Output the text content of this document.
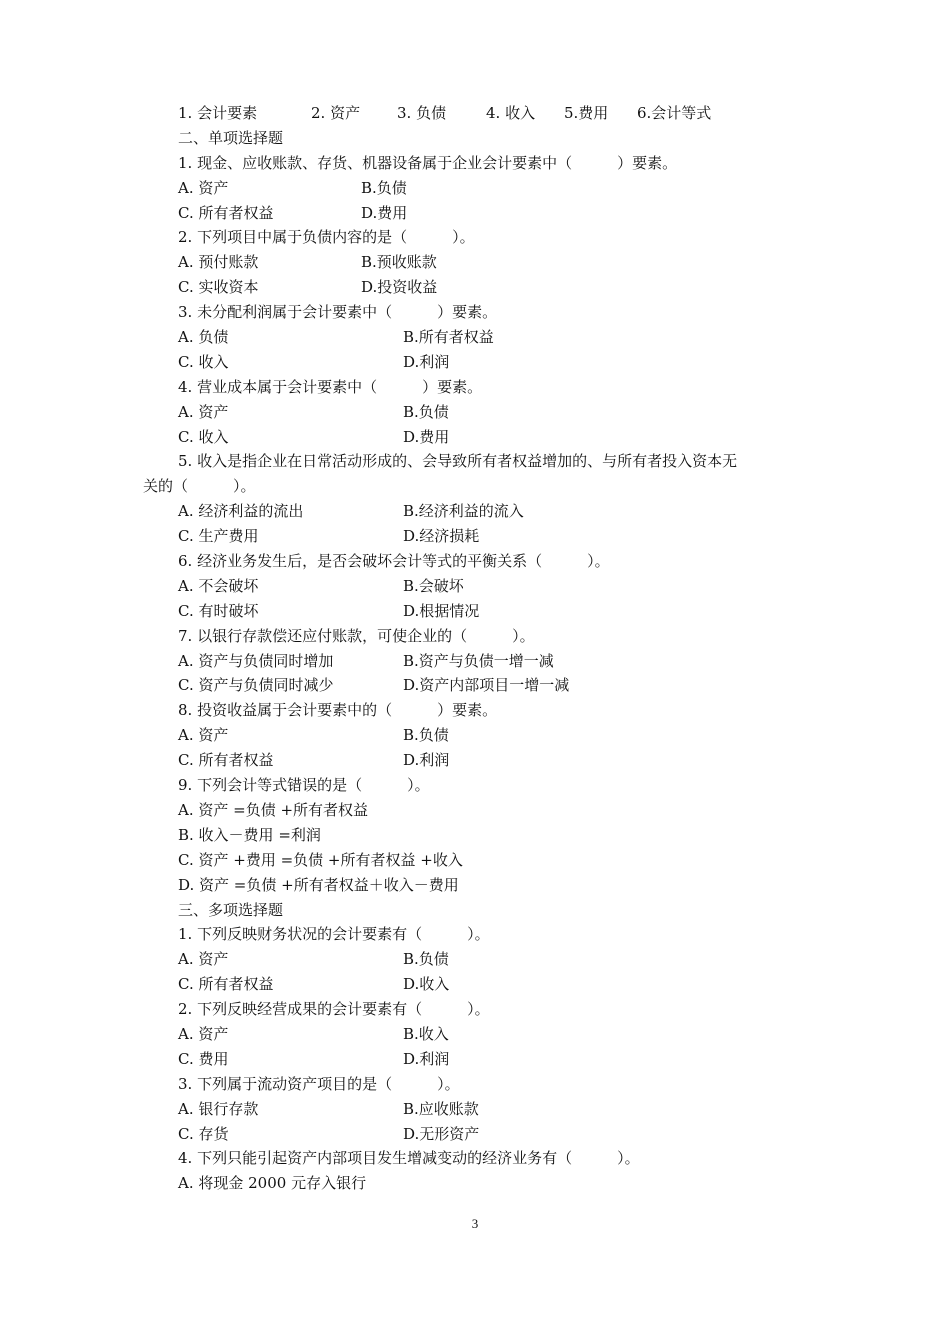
1. 会计要素	2. 资产 3. 负债	4. 收入 5.费用 6.会计等式
二、单项选择题
1. 现金、应收账款、存货、机器设备属于企业会计要素中（　　　）要素。
A. 资产	B.负债
C. 所有者权益	D.费用
2. 下列项目中属于负债内容的是（　　　）。
A. 预付账款	B.预收账款
C. 实收资本	D.投资收益
3. 未分配利润属于会计要素中（　　　）要素。
A. 负债	B.所有者权益
C. 收入	D.利润
4. 营业成本属于会计要素中（　　　）要素。
A. 资产	B.负债
C. 收入	D.费用
5. 收入是指企业在日常活动形成的、会导致所有者权益增加的、与所有者投入资本无
关的（　　　）。
A. 经济利益的流出	B.经济利益的流入
C. 生产费用	D.经济损耗
6. 经济业务发生后，是否会破坏会计等式的平衡关系（　　　）。
A. 不会破坏	B.会破坏
C. 有时破坏	D.根据情况
7. 以银行存款偿还应付账款，可使企业的（　　　）。
A. 资产与负债同时增加	B.资产与负债一增一减
C. 资产与负债同时减少	D.资产内部项目一增一减
8. 投资收益属于会计要素中的（　　　）要素。
A. 资产	B.负债
C. 所有者权益	D.利润
9. 下列会计等式错误的是（　　　）。
A. 资产 =负债 +所有者权益
B. 收入－费用 =利润
C. 资产 +费用 =负债 +所有者权益 +收入
D. 资产 =负债 +所有者权益＋收入－费用
三、多项选择题
1. 下列反映财务状况的会计要素有（　　　）。
A. 资产	B.负债
C. 所有者权益	D.收入
2. 下列反映经营成果的会计要素有（　　　）。
A. 资产	B.收入
C. 费用	D.利润
3. 下列属于流动资产项目的是（　　　）。
A. 银行存款	B.应收账款
C. 存货	D.无形资产
4. 下列只能引起资产内部项目发生增减变动的经济业务有（　　　）。
A. 将现金 2000 元存入银行
3
